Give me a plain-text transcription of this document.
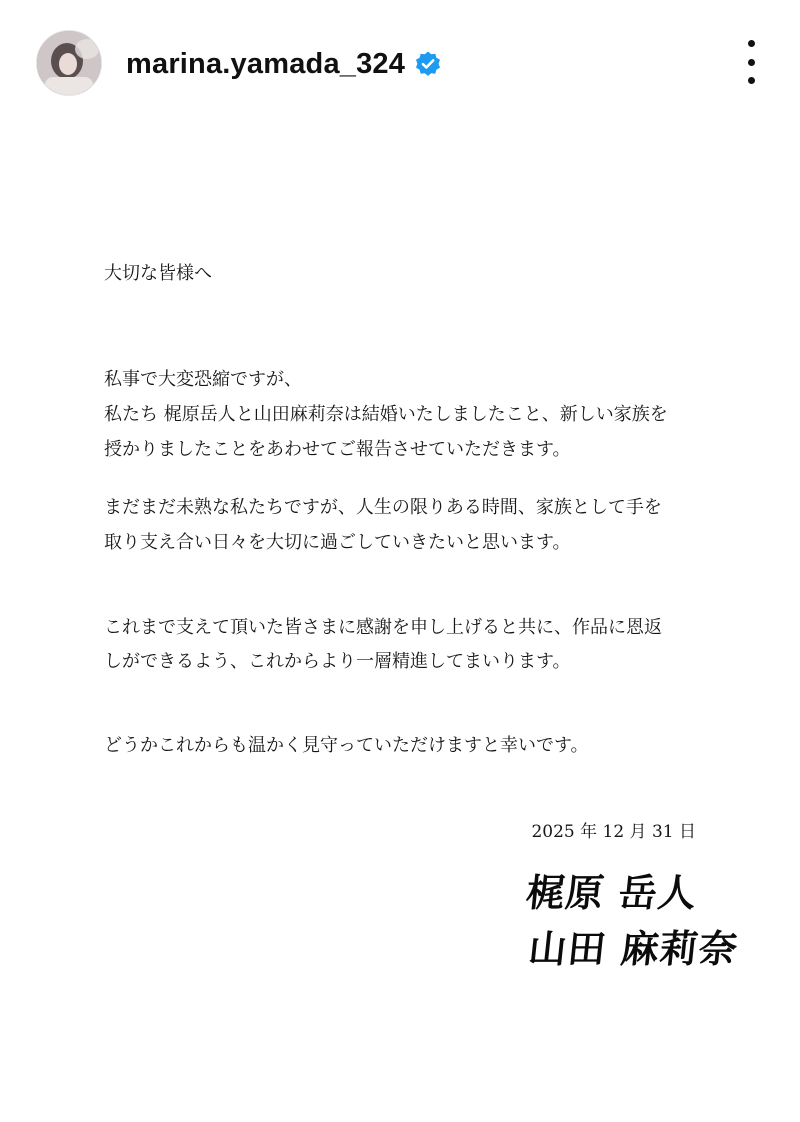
marina.yamada_324
大切な皆様へ
私事で大変恐縮ですが、
私たち 梶原岳人と山田麻莉奈は結婚いたしましたこと、新しい家族を
授かりましたことをあわせてご報告させていただきます。
まだまだ未熟な私たちですが、人生の限りある時間、家族として手を
取り支え合い日々を大切に過ごしていきたいと思います。
これまで支えて頂いた皆さまに感謝を申し上げると共に、作品に恩返
しができるよう、これからより一層精進してまいります。
どうかこれからも温かく見守っていただけますと幸いです。
2025 年 12 月 31 日
梶原 岳人
山田 麻莉奈
